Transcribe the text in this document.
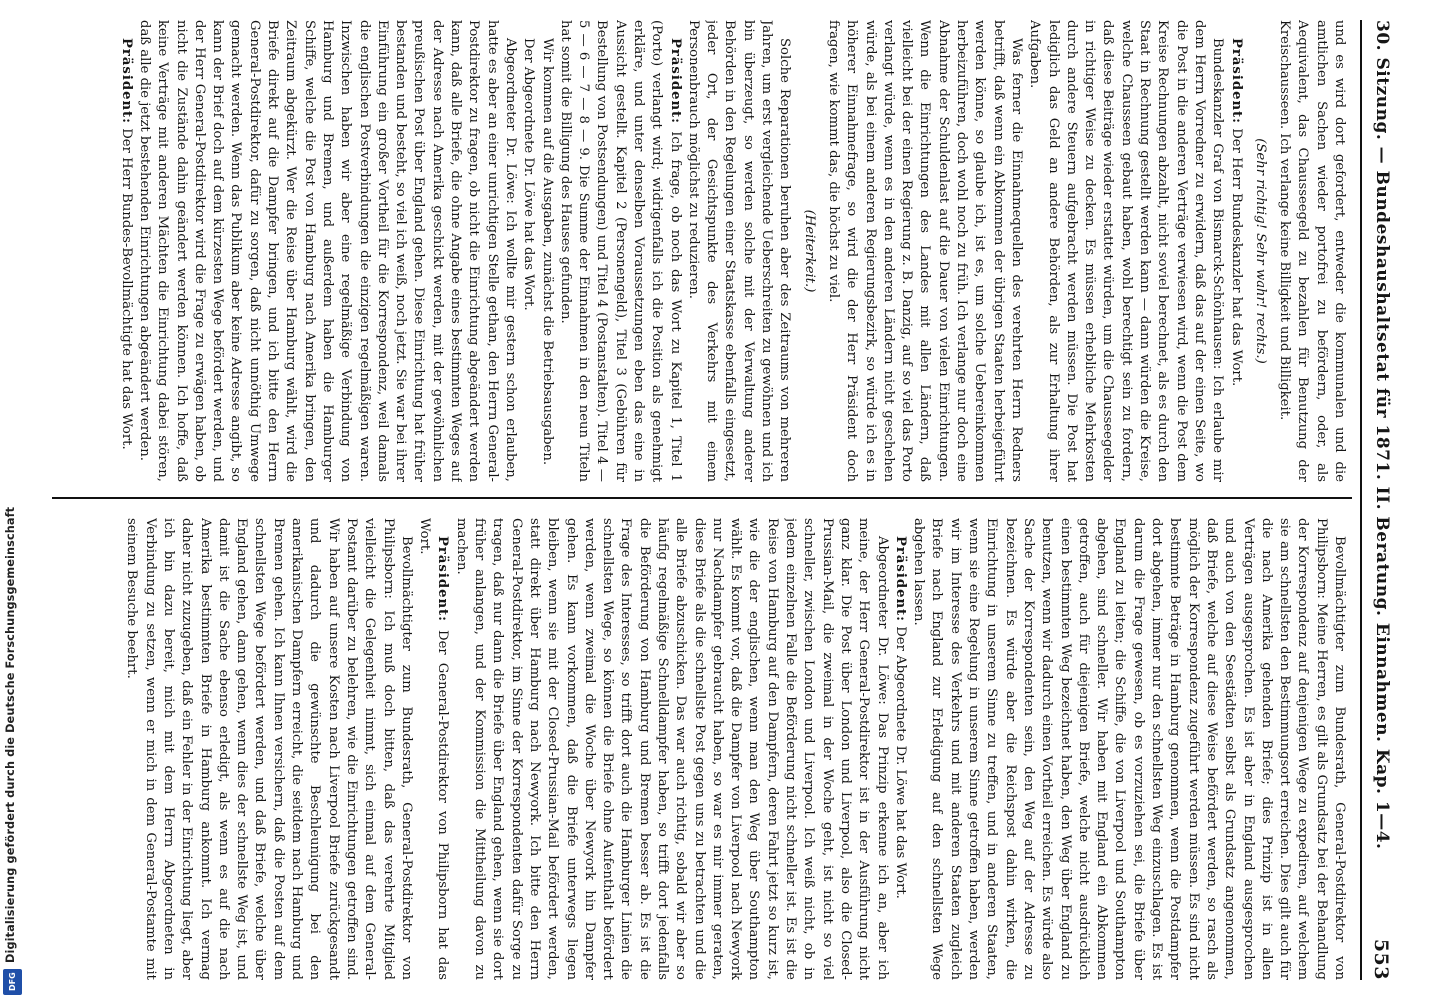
30. Sitzung. — Bundeshaushaltsetat für 1871. II. Beratung. Einnahmen. Kap. 1—4.
553

und es wird dort gefordert, entweder die kommunalen und die amtlichen Sachen wieder portofrei zu befördern, oder, als Aequivalent, das Chausseegeld zu bezahlen für Benutzung der Kreischausseen. Ich verlange keine Billigkeit und Billigkeit.

(Sehr richtig! Sehr wahr! rechts.)

Präsident: Der Herr Bundeskanzler hat das Wort.

Bundeskanzler Graf von Bismarck-Schönhausen: Ich erlaube mir dem Herrn Vorredner zu erwidern, daß das auf der einen Seite, wo die Post in die anderen Verträge verwiesen wird, wenn die Post dem Kreise Rechnungen abzahlt, nicht soviel berechnet, als es durch den Staat in Rechnung gestellt werden kann — dann würden die Kreise, welche Chausseen gebaut haben, wohl berechtigt sein zu fordern, daß diese Beiträge wieder erstattet würden, um die Chausseegelder in richtiger Weise zu decken. Es müssen erhebliche Mehrkosten durch andere Steuern aufgebracht werden müssen. Die Post hat lediglich das Geld an andere Behörden, als zur Erhaltung ihrer Aufgaben.

Was ferner die Einnahmequellen des verehrten Herrn Redners betrifft, daß wenn ein Abkommen der übrigen Staaten herbeigeführt werden könne, so glaube ich, ist es, um solche Uebereinkommen herbeizuführen, doch wohl noch zu früh. Ich verlange nur doch eine Abnahme der Schuldenlast auf die Dauer von vielen Einrichtungen. Wenn die Einrichtungen des Landes mit allen Ländern, daß vielleicht bei der einen Regierung z. B. Danzig, auf so viel das Porto verlangt würde, wenn es in den anderen Ländern nicht geschehen würde, als bei einem anderen Regierungsbezirk, so würde ich es in höherer Einnahmefrage, so wird die der Herr Präsident doch fragen, wie kommt das, die höchst zu viel.

(Heiterkeit.)

Solche Reparationen beruhen aber des Zeitraums von mehreren Jahren, um erst vergleichende Ueberschreiten zu gewöhnen und ich bin überzeugt, so werden solche mit der Verwaltung anderer Behörden in den Regelungen einer Staatskasse ebenfalls eingesetzt, jeder Ort, der Gesichtspunkte des Verkehrs mit einem Personenbrauch möglichst zu reduzieren.

Präsident: Ich frage, ob noch das Wort zu Kapitel 1, Titel 1 (Porto) verlangt wird; widrigenfalls ich die Position als genehmigt erkläre, und unter denselben Voraussetzungen eben das eine in Aussicht gestellt. Kapitel 2 (Personengeld), Titel 3 (Gebühren für Bestellung von Postsendungen) und Titel 4 (Postanstalten). Titel 4 — 5 — 6 — 7 — 8 — 9. Die Summe der Einnahmen in den neun Titeln hat somit die Billigung des Hauses gefunden.

Wir kommen auf die Ausgaben, zunächst die Betriebsausgaben.

Der Abgeordnete Dr. Löwe hat das Wort.

Abgeordneter Dr. Löwe: Ich wollte mir gestern schon erlauben, hatte es aber an einer unrichtigen Stelle gethan, den Herrn General-Postdirektor zu fragen, ob nicht die Einrichtung abgeändert werden kann, daß alle Briefe, die ohne Angabe eines bestimmten Weges auf der Adresse nach Amerika geschickt werden, mit der gewöhnlichen preußischen Post über England gehen. Diese Einrichtung hat früher bestanden und besteht, so viel ich weiß, noch jetzt. Sie war bei ihrer Einführung ein großer Vortheil für die Korrespondenz, weil damals die englischen Postverbindungen die einzigen regelmäßigen waren. Inzwischen haben wir aber eine regelmäßige Verbindung von Hamburg und Bremen, und außerdem haben die Hamburger Schiffe, welche die Post von Hamburg nach Amerika bringen, den Zeitraum abgekürzt. Wer die Reise über Hamburg wählt, wird die Briefe direkt auf die Dampfer bringen, und ich bitte den Herrn General-Postdirektor, dafür zu sorgen, daß nicht unnöthig Umwege gemacht werden. Wenn das Publikum aber keine Adresse angibt, so kann der Brief doch auf dem kürzesten Wege befördert werden, und der Herr General-Postdirektor wird die Frage zu erwägen haben, ob nicht die Zustände dahin geändert werden können. Ich hoffe, daß keine Verträge mit anderen Mächten die Einrichtung dabei stören, daß alle die jetzt bestehenden Einrichtungen abgeändert werden.

Präsident: Der Herr Bundes-Bevollmächtigte hat das Wort.

Bevollmächtigter zum Bundesrath, General-Postdirektor von Philipsborn: Meine Herren, es gilt als Grundsatz bei der Behandlung der Korrespondenz auf denjenigen Wege zu expediren, auf welchem sie am schnellsten den Bestimmungsort erreichen. Dies gilt auch für die nach Amerika gehenden Briefe; dies Prinzip ist in allen Verträgen ausgesprochen. Es ist aber in England ausgesprochen und auch von den Seestädten selbst als Grundsatz angenommen, daß Briefe, welche auf diese Weise befördert werden, so rasch als möglich der Korrespondenz zugeführt werden müssen. Es sind nicht bestimmte Beträge in Hamburg genommen, wenn die Postdampfer dort abgehen, immer nur den schnellsten Weg einzuschlagen. Es ist darum die Frage gewesen, ob es vorzuziehen sei, die Briefe über England zu leiten; die Schiffe, die von Liverpool und Southampton abgehen, sind schneller. Wir haben mit England ein Abkommen getroffen, auch für diejenigen Briefe, welche nicht ausdrücklich einen bestimmten Weg bezeichnet haben, den Weg über England zu benutzen, wenn wir dadurch einen Vortheil erreichen. Es würde also Sache der Korrespondenten sein, den Weg auf der Adresse zu bezeichnen. Es würde aber die Reichspost dahin wirken, die Einrichtung in unserem Sinne zu treffen, und in anderen Staaten, wenn sie eine Regelung in unserem Sinne getroffen haben, werden wir im Interesse des Verkehrs und mit anderen Staaten zugleich Briefe nach England zur Erledigung auf den schnellsten Wege abgehen lassen.

Präsident: Der Abgeordnete Dr. Löwe hat das Wort.

Abgeordneter Dr. Löwe: Das Prinzip erkenne ich an, aber ich meine, der Herr General-Postdirektor ist in der Ausführung nicht ganz klar. Die Post über London und Liverpool, also die Closed-Prussian-Mail, die zweimal in der Woche geht, ist nicht so viel schneller, zwischen London und Liverpool. Ich weiß nicht, ob in jedem einzelnen Falle die Beförderung nicht schneller ist. Es ist die Reise von Hamburg auf den Dampfern, deren Fahrt jetzt so kurz ist, wie die der englischen, wenn man den Weg über Southampton wählt. Es kommt vor, daß die Dampfer von Liverpool nach Newyork nur Nachdampfer gebraucht haben, so war es mir immer geraten, diese Briefe als die schnellste Post gegen uns zu betrachten und die alle Briefe abzuschicken. Das war auch richtig, sobald wir aber so häufig regelmäßige Schnelldampfer haben, so trifft dort jedenfalls die Beförderung von Hamburg und Bremen besser ab. Es ist die Frage des Interesses, so trifft dort auch die Hamburger Linien die schnellsten Wege, so können die Briefe ohne Aufenthalt befördert werden, wenn zweimal die Woche über Newyork hin Dampfer gehen. Es kann vorkommen, daß die Briefe unterwegs liegen bleiben, wenn sie mit der Closed-Prussian-Mail befördert werden, statt direkt über Hamburg nach Newyork. Ich bitte den Herrn General-Postdirektor, im Sinne der Korrespondenten dafür Sorge zu tragen, daß nur dann die Briefe über England gehen, wenn sie dort früher anlangen, und der Kommission die Mittheilung davon zu machen.

Präsident: Der General-Postdirektor von Philipsborn hat das Wort.

Bevollmächtigter zum Bundesrath, General-Postdirektor von Philipsborn: Ich muß doch bitten, daß das verehrte Mitglied vielleicht die Gelegenheit nimmt, sich einmal auf dem General-Postamt darüber zu belehren, wie die Einrichtungen getroffen sind. Wir haben auf unsere Kosten nach Liverpool Briefe zurückgesandt und dadurch die gewünschte Beschleunigung bei den amerikanischen Dampfern erreicht, die seitdem nach Hamburg und Bremen gehen. Ich kann Ihnen versichern, daß die Posten auf dem schnellsten Wege befördert werden, und daß Briefe, welche über England gehen, dann gehen, wenn dies der schnellste Weg ist, und damit ist die Sache ebenso erledigt, als wenn es auf die nach Amerika bestimmten Briefe in Hamburg ankommt. Ich vermag daher nicht zuzugeben, daß ein Fehler in der Einrichtung liegt, aber ich bin dazu bereit, mich mit dem Herrn Abgeordneten in Verbindung zu setzen, wenn er mich in dem General-Postamte mit seinem Besuche beehrt.

Digitalisierung gefördert durch die Deutsche Forschungsgemeinschaft
DFG
